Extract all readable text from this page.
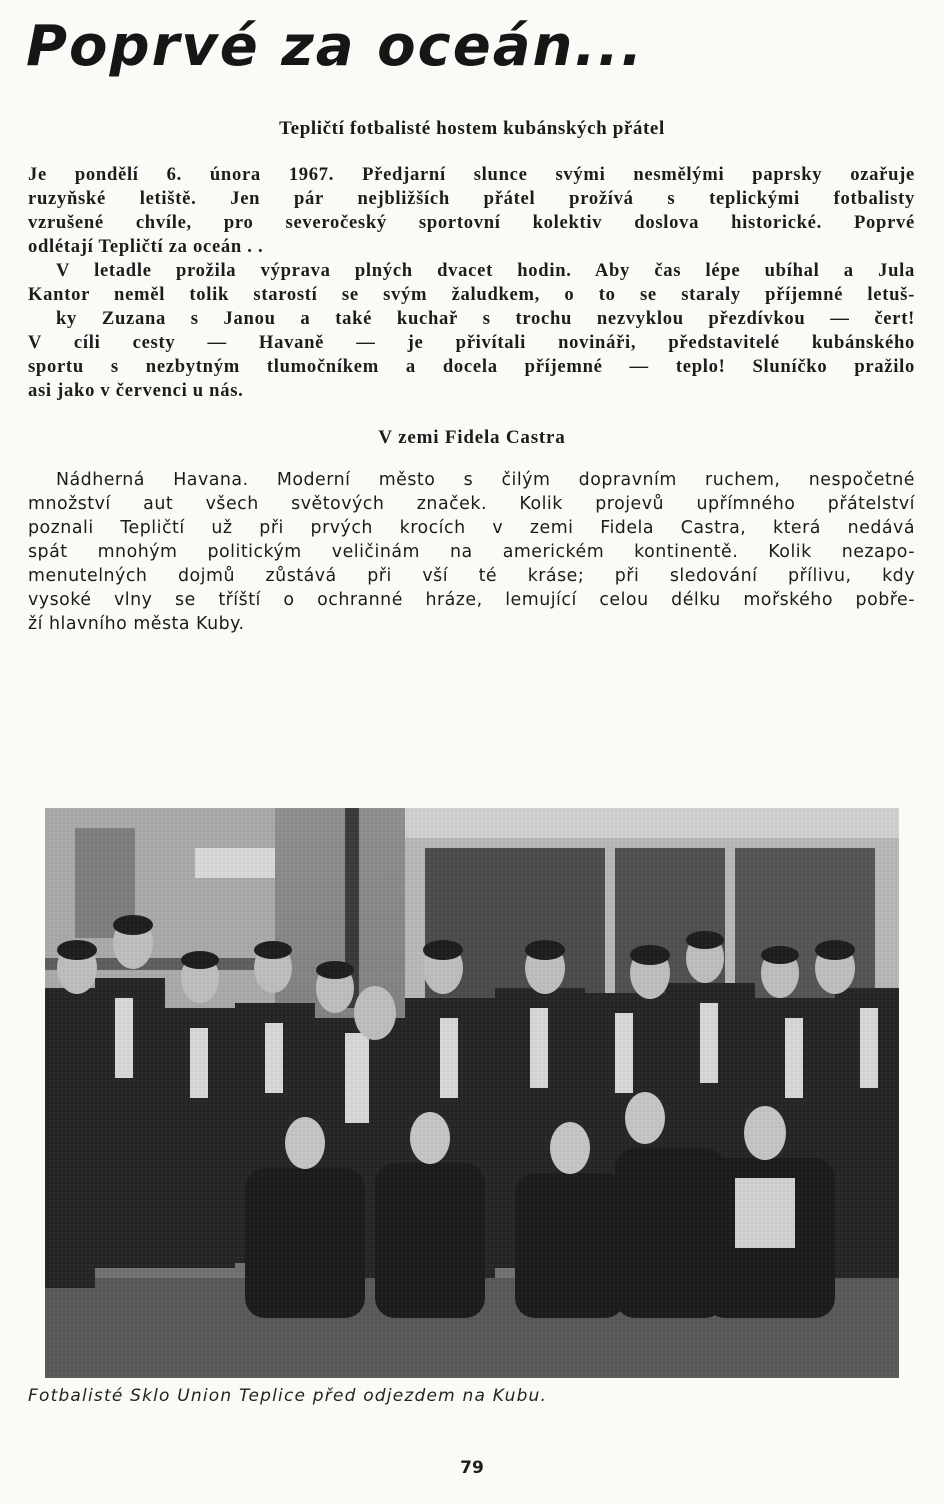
Poprvé za oceán...
Tepličtí fotbalisté hostem kubánských přátel
Je pondělí 6. února 1967. Předjarní slunce svými nesmělými paprsky ozařuje
ruzyňské letiště. Jen pár nejbližších přátel prožívá s teplickými fotbalisty
vzrušené chvíle, pro severočeský sportovní kolektiv doslova historické. Poprvé
odlétají Tepličtí za oceán . .
V letadle prožila výprava plných dvacet hodin. Aby čas lépe ubíhal a Jula
Kantor neměl tolik starostí se svým žaludkem, o to se staraly příjemné letuš-
ky Zuzana s Janou a také kuchař s trochu nezvyklou přezdívkou — čert!
V cíli cesty — Havaně — je přivítali novináři, představitelé kubánského
sportu s nezbytným tlumočníkem a docela příjemné — teplo! Sluníčko pražilo
asi jako v červenci u nás.
V zemi Fidela Castra
Nádherná Havana. Moderní město s čilým dopravním ruchem, nespočetné
množství aut všech světových značek. Kolik projevů upřímného přátelství
poznali Tepličtí už při prvých krocích v zemi Fidela Castra, která nedává
spát mnohým politickým veličinám na americkém kontinentě. Kolik nezapo-
menutelných dojmů zůstává při vší té kráse; při sledování přílivu, kdy
vysoké vlny se tříští o ochranné hráze, lemující celou délku mořského pobře-
ží hlavního města Kuby.
Fotbalisté Sklo Union Teplice před odjezdem na Kubu.
79
